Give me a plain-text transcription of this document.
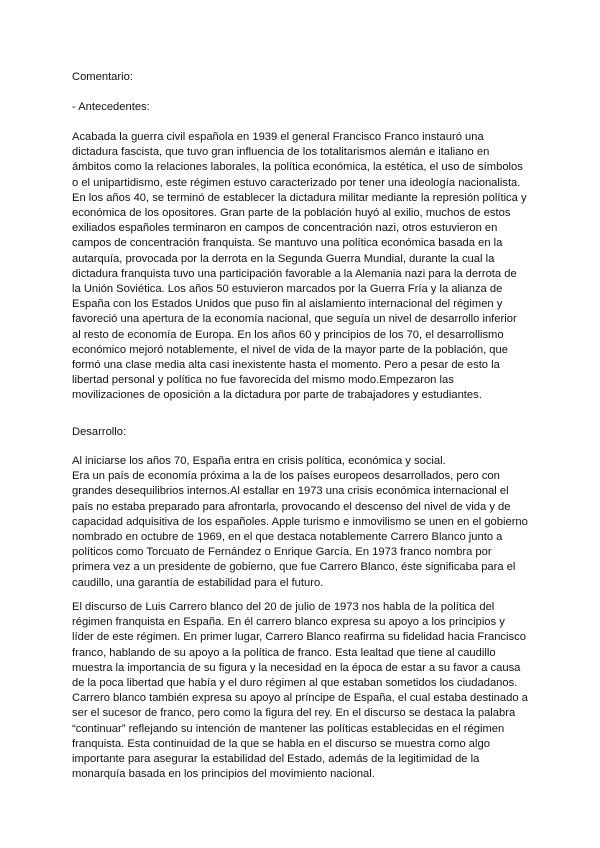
Comentario:

- Antecedentes:

Acabada la guerra civil española en 1939 el general Francisco Franco instauró una dictadura fascista, que tuvo gran influencia de los totalitarismos alemán e italiano en ámbitos como la relaciones laborales, la política económica, la estética, el uso de símbolos o el unipartidismo, este régimen estuvo caracterizado por tener una ideología nacionalista. En los años 40, se terminó de establecer la dictadura militar mediante la represión política y económica de los opositores. Gran parte de la población huyó al exilio, muchos de estos exiliados españoles terminaron en campos de concentración nazi, otros estuvieron en campos de concentración franquista. Se mantuvo una política económica basada en la autarquía, provocada por la derrota en la Segunda Guerra Mundial, durante la cual la dictadura franquista tuvo una participación favorable a la Alemania nazi para la derrota de la Unión Soviética. Los años 50 estuvieron marcados por la Guerra Fría y la alianza de España con los Estados Unidos que puso fin al aislamiento internacional del régimen y favoreció una apertura de la economía nacional, que seguía un nivel de desarrollo inferior al resto de economía de Europa. En los años 60 y principios de los 70, el desarrollismo económico mejoró notablemente, el nivel de vida de la mayor parte de la población, que formó una clase media alta casi inexistente hasta el momento. Pero a pesar de esto la libertad personal y política no fue favorecida del mismo modo.Empezaron las movilizaciones de oposición a la dictadura por parte de trabajadores y estudiantes.

Desarrollo:

Al iniciarse los años 70, España entra en crisis política, económica y social.

Era un país de economía próxima a la de los países europeos desarrollados, pero con grandes desequilibrios internos.Al estallar en 1973 una crisis económica internacional el país no estaba preparado para afrontarla, provocando el descenso del nivel de vida y de capacidad adquisitiva de los españoles. Apple turismo e inmovilismo se unen en el gobierno nombrado en octubre de 1969, en el que destaca notablemente Carrero Blanco junto a políticos como Torcuato de Fernández o Enrique García. En 1973 franco nombra por primera vez a un presidente de gobierno, que fue Carrero Blanco, éste significaba para el caudillo, una garantía de estabilidad para el futuro.

El discurso de Luis Carrero blanco del 20 de julio de 1973 nos habla de la política del régimen franquista en España. En él carrero blanco expresa su apoyo a los principios y líder de este régimen. En primer lugar, Carrero Blanco reafirma su fidelidad hacia Francisco franco, hablando de su apoyo a la política de franco. Esta lealtad que tiene al caudillo muestra la importancia de su figura y la necesidad en la época de estar a su favor a causa de la poca libertad que había y el duro régimen al que estaban sometidos los ciudadanos.

Carrero blanco también expresa su apoyo al príncipe de España, el cual estaba destinado a ser el sucesor de franco, pero como la figura del rey. En el discurso se destaca la palabra “continuar” reflejando su intención de mantener las políticas establecidas en el régimen franquista. Esta continuidad de la que se habla en el discurso se muestra como algo importante para asegurar la estabilidad del Estado, además de la legitimidad de la monarquía basada en los principios del movimiento nacional.
